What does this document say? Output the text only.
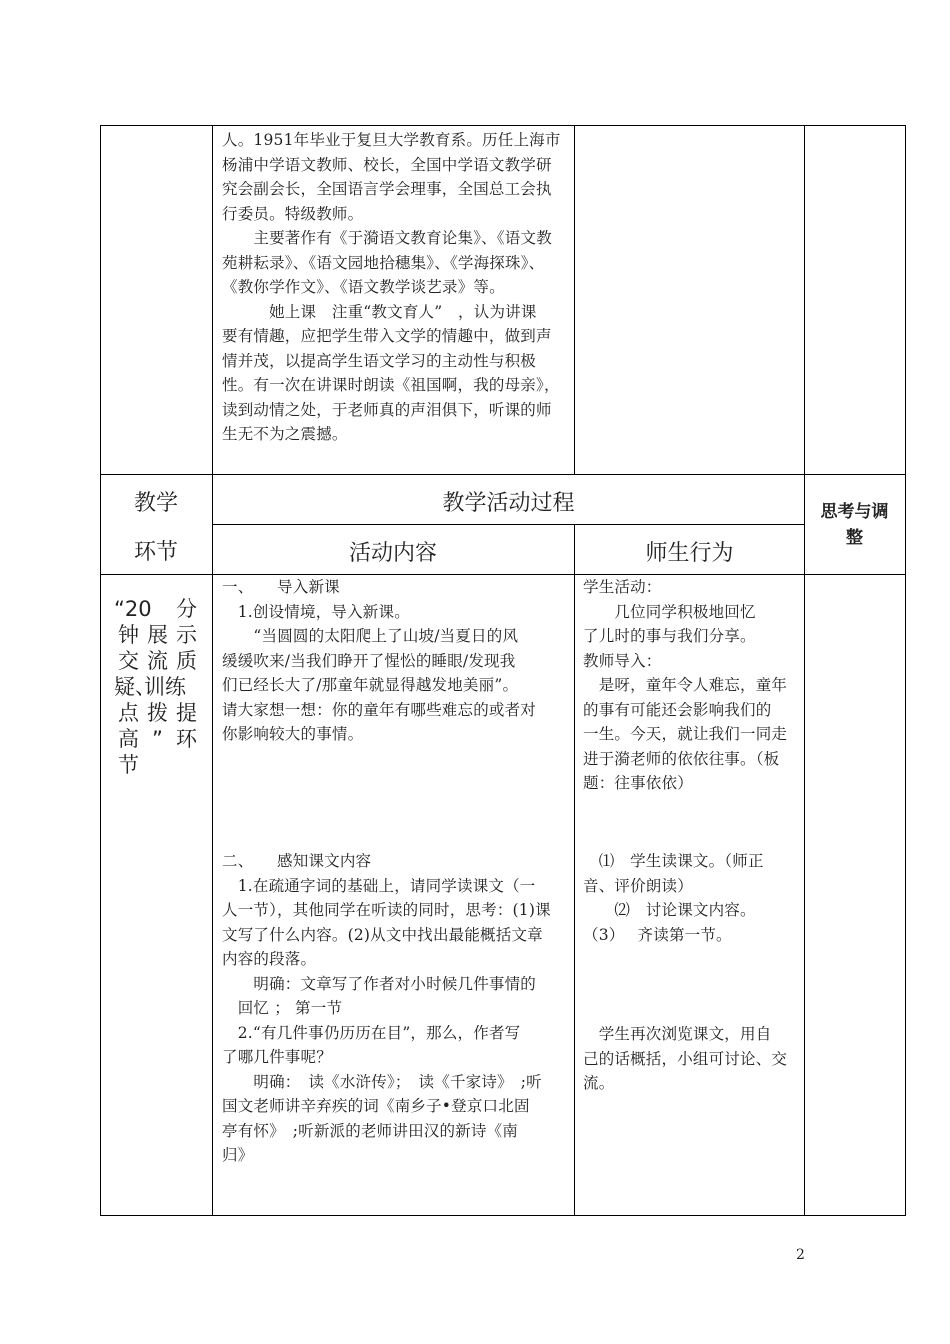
人。1951年毕业于复旦大学教育系。历任上海市
杨浦中学语文教师、校长，全国中学语文教学研
究会副会长，全国语言学会理事，全国总工会执
行委员。特级教师。
　　主要著作有《于漪语文教育论集》、《语文教
苑耕耘录》、《语文园地拾穗集》、《学海探珠》、
《教你学作文》、《语文教学谈艺录》等。
　　　她上课　注重“教文育人”　，认为讲课
要有情趣，应把学生带入文学的情趣中，做到声
情并茂，以提高学生语文学习的主动性与积极
性。有一次在讲课时朗读《祖国啊，我的母亲》，
读到动情之处，于老师真的声泪俱下，听课的师
生无不为之震撼。
教学
环节
教学活动过程
活动内容	师生行为
思考与调
整
“20 分
钟 展 示
交 流 质
疑、训练
点 拨 提
高 ” 环
节
一、　　导入新课
　1.创设情境，导入新课。
　　“当圆圆的太阳爬上了山坡/当夏日的风
缓缓吹来/当我们睁开了惺忪的睡眼/发现我
们已经长大了/那童年就显得越发地美丽”。
请大家想一想：你的童年有哪些难忘的或者对
你影响较大的事情。
二、　　感知课文内容
　1.在疏通字词的基础上，请同学读课文（一
人一节），其他同学在听读的同时，思考：(1)课
文写了什么内容。(2)从文中找出最能概括文章
内容的段落。
　　明确：文章写了作者对小时候几件事情的
　回忆 ； 第一节
　2.“有几件事仍历历在目”，那么，作者写
了哪几件事呢？
　　明确：　读《水浒传》；　读《千家诗》　;听
国文老师讲辛弃疾的词《南乡子•登京口北固
亭有怀》　;听新派的老师讲田汉的新诗《南
归》
学生活动：
　　几位同学积极地回忆
了儿时的事与我们分享。
教师导入：
　是呀，童年令人难忘，童年
的事有可能还会影响我们的
一生。今天，就让我们一同走
进于漪老师的依依往事。（板
题：往事依依）
　⑴　学生读课文。（师正
音、评价朗读）
　　⑵　讨论课文内容。
（3）　 齐读第一节。
　学生再次浏览课文，用自
己的话概括，小组可讨论、交
流。
2
